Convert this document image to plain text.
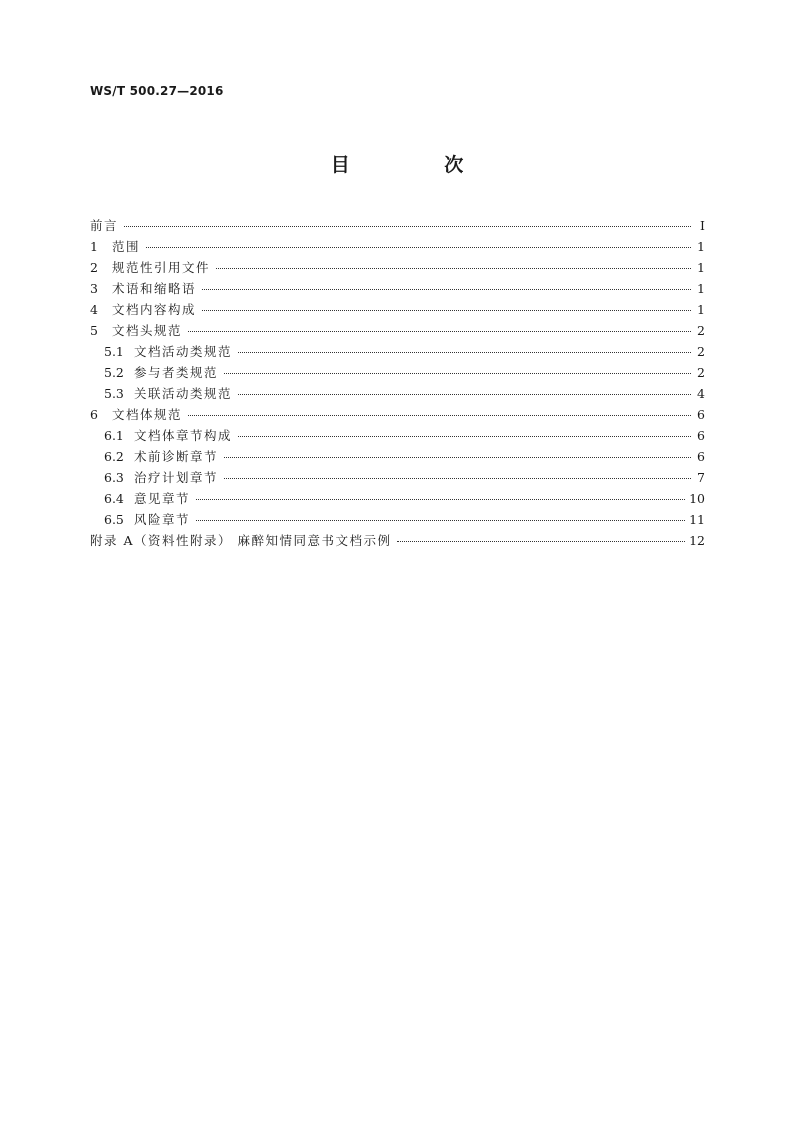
WS/T 500.27—2016
目 次
前言	I
1	范围	1
2	规范性引用文件	1
3	术语和缩略语	1
4	文档内容构成	1
5	文档头规范	2
5.1 文档活动类规范	2
5.2 参与者类规范	2
5.3 关联活动类规范	4
6	文档体规范	6
6.1 文档体章节构成	6
6.2 术前诊断章节	6
6.3 治疗计划章节	7
6.4 意见章节	10
6.5 风险章节	11
附录 A（资料性附录） 麻醉知情同意书文档示例	12
